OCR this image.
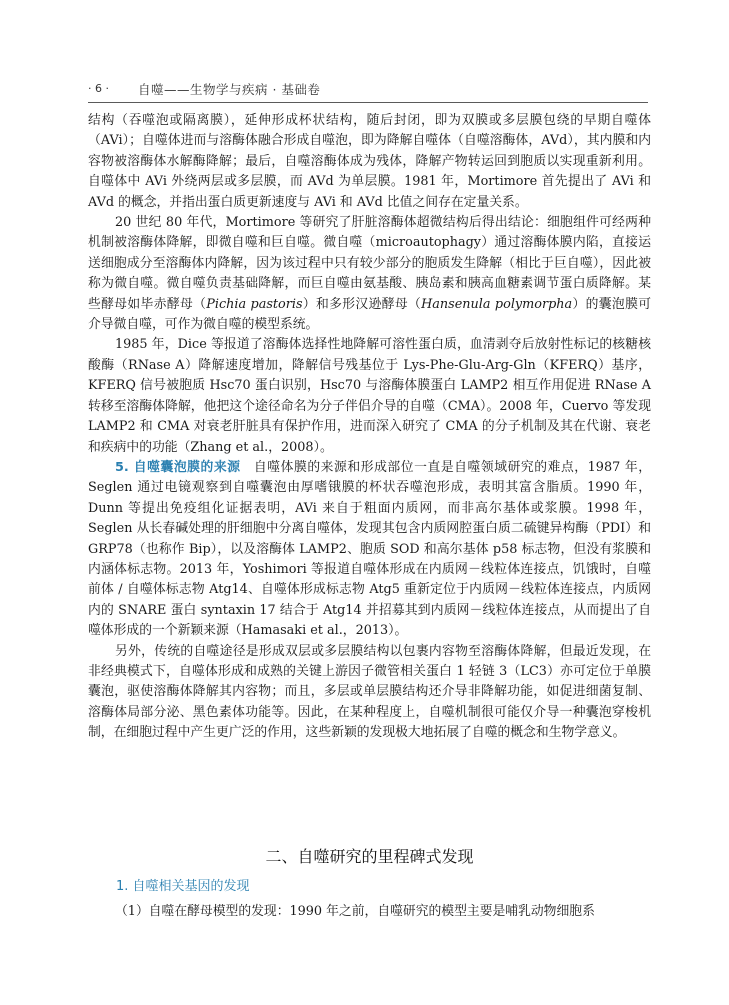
· 6 · 自噬——生物学与疾病 · 基础卷

结构（吞噬泡或隔离膜），延伸形成杯状结构，随后封闭，即为双膜或多层膜包绕的早期自噬体（AVi）；自噬体进而与溶酶体融合形成自噬泡，即为降解自噬体（自噬溶酶体，AVd），其内膜和内容物被溶酶体水解酶降解；最后，自噬溶酶体成为残体，降解产物转运回到胞质以实现重新利用。自噬体中 AVi 外绕两层或多层膜，而 AVd 为单层膜。1981 年，Mortimore 首先提出了 AVi 和 AVd 的概念，并指出蛋白质更新速度与 AVi 和 AVd 比值之间存在定量关系。

20 世纪 80 年代，Mortimore 等研究了肝脏溶酶体超微结构后得出结论：细胞组件可经两种机制被溶酶体降解，即微自噬和巨自噬。微自噬（microautophagy）通过溶酶体膜内陷，直接运送细胞成分至溶酶体内降解，因为该过程中只有较少部分的胞质发生降解（相比于巨自噬），因此被称为微自噬。微自噬负责基础降解，而巨自噬由氨基酸、胰岛素和胰高血糖素调节蛋白质降解。某些酵母如毕赤酵母（Pichia pastoris）和多形汉逊酵母（Hansenula polymorpha）的囊泡膜可介导微自噬，可作为微自噬的模型系统。

1985 年，Dice 等报道了溶酶体选择性地降解可溶性蛋白质，血清剥夺后放射性标记的核糖核酸酶（RNase A）降解速度增加，降解信号残基位于 Lys-Phe-Glu-Arg-Gln（KFERQ）基序，KFERQ 信号被胞质 Hsc70 蛋白识别，Hsc70 与溶酶体膜蛋白 LAMP2 相互作用促进 RNase A 转移至溶酶体降解，他把这个途径命名为分子伴侣介导的自噬（CMA）。2008 年，Cuervo 等发现 LAMP2 和 CMA 对衰老肝脏具有保护作用，进而深入研究了 CMA 的分子机制及其在代谢、衰老和疾病中的功能（Zhang et al.，2008）。

5. 自噬囊泡膜的来源　自噬体膜的来源和形成部位一直是自噬领域研究的难点，1987 年，Seglen 通过电镜观察到自噬囊泡由厚嗜锇膜的杯状吞噬泡形成，表明其富含脂质。1990 年，Dunn 等提出免疫组化证据表明，AVi 来自于粗面内质网，而非高尔基体或浆膜。1998 年，Seglen 从长春碱处理的肝细胞中分离自噬体，发现其包含内质网腔蛋白质二硫键异构酶（PDI）和 GRP78（也称作 Bip），以及溶酶体 LAMP2、胞质 SOD 和高尔基体 p58 标志物，但没有浆膜和内涵体标志物。2013 年，Yoshimori 等报道自噬体形成在内质网－线粒体连接点，饥饿时，自噬前体 / 自噬体标志物 Atg14、自噬体形成标志物 Atg5 重新定位于内质网－线粒体连接点，内质网内的 SNARE 蛋白 syntaxin 17 结合于 Atg14 并招募其到内质网－线粒体连接点，从而提出了自噬体形成的一个新颖来源（Hamasaki et al.，2013）。

另外，传统的自噬途径是形成双层或多层膜结构以包裹内容物至溶酶体降解，但最近发现，在非经典模式下，自噬体形成和成熟的关键上游因子微管相关蛋白 1 轻链 3（LC3）亦可定位于单膜囊泡，驱使溶酶体降解其内容物；而且，多层或单层膜结构还介导非降解功能，如促进细菌复制、溶酶体局部分泌、黑色素体功能等。因此，在某种程度上，自噬机制很可能仅介导一种囊泡穿梭机制，在细胞过程中产生更广泛的作用，这些新颖的发现极大地拓展了自噬的概念和生物学意义。

二、自噬研究的里程碑式发现
1. 自噬相关基因的发现
（1）自噬在酵母模型的发现：1990 年之前，自噬研究的模型主要是哺乳动物细胞系
